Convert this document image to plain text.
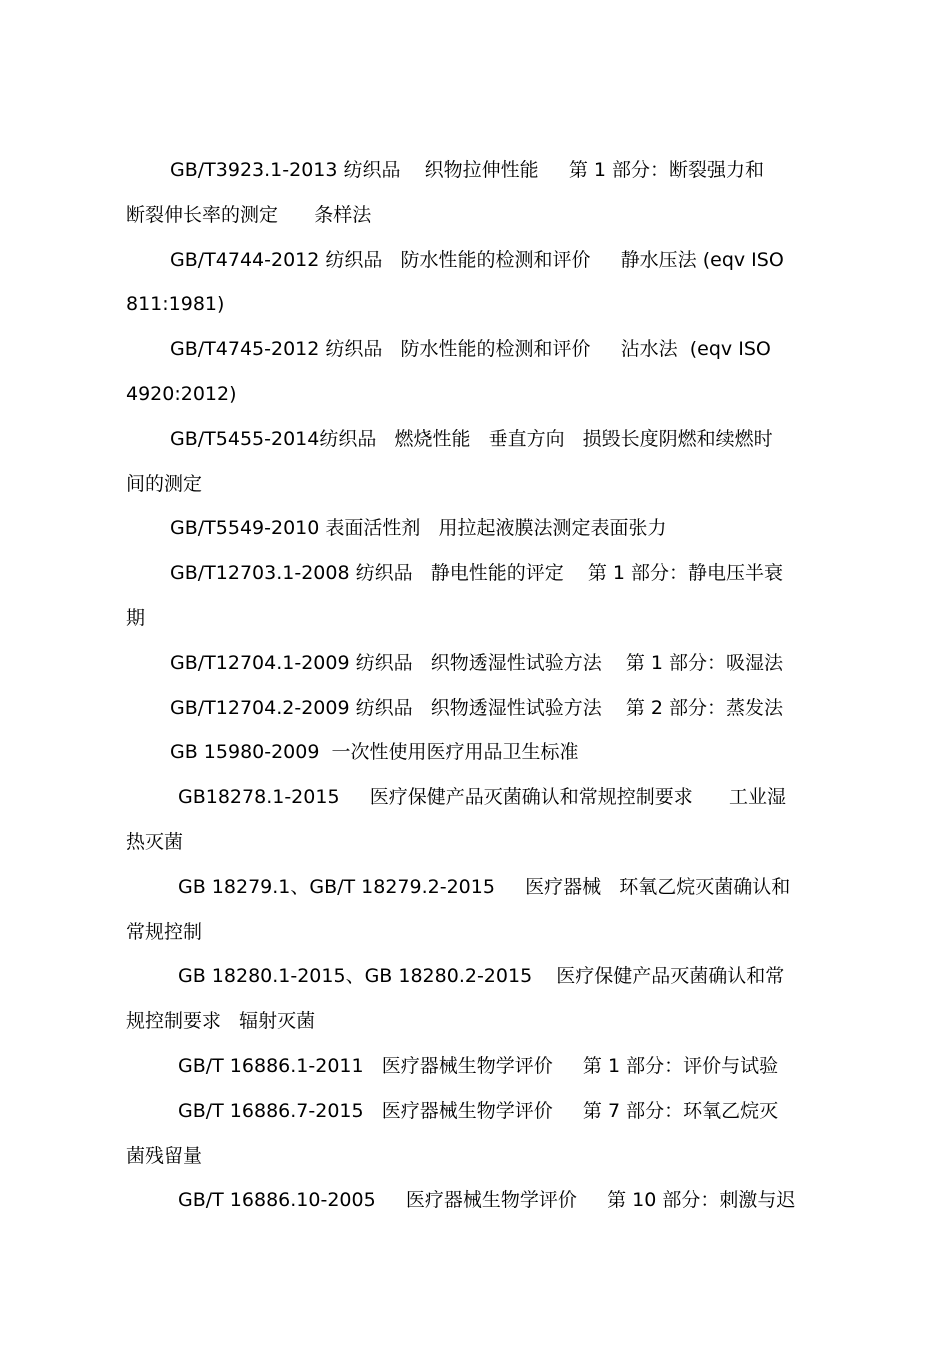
GB/T3923.1-2013 纺织品    织物拉伸性能     第 1 部分：断裂强力和
断裂伸长率的测定      条样法
GB/T4744-2012 纺织品   防水性能的检测和评价     静水压法 (eqv ISO
811:1981)
GB/T4745-2012 纺织品   防水性能的检测和评价     沾水法  (eqv ISO
4920:2012)
GB/T5455-2014纺织品   燃烧性能   垂直方向   损毁长度阴燃和续燃时
间的测定
GB/T5549-2010 表面活性剂   用拉起液膜法测定表面张力
GB/T12703.1-2008 纺织品   静电性能的评定    第 1 部分：静电压半衰
期
GB/T12704.1-2009 纺织品   织物透湿性试验方法    第 1 部分：吸湿法
GB/T12704.2-2009 纺织品   织物透湿性试验方法    第 2 部分：蒸发法
GB 15980-2009  一次性使用医疗用品卫生标准
GB18278.1-2015     医疗保健产品灭菌确认和常规控制要求      工业湿
热灭菌
GB 18279.1、GB/T 18279.2-2015     医疗器械   环氧乙烷灭菌确认和
常规控制
GB 18280.1-2015、GB 18280.2-2015    医疗保健产品灭菌确认和常
规控制要求   辐射灭菌
GB/T 16886.1-2011   医疗器械生物学评价     第 1 部分：评价与试验
GB/T 16886.7-2015   医疗器械生物学评价     第 7 部分：环氧乙烷灭
菌残留量
GB/T 16886.10-2005     医疗器械生物学评价     第 10 部分：刺激与迟
